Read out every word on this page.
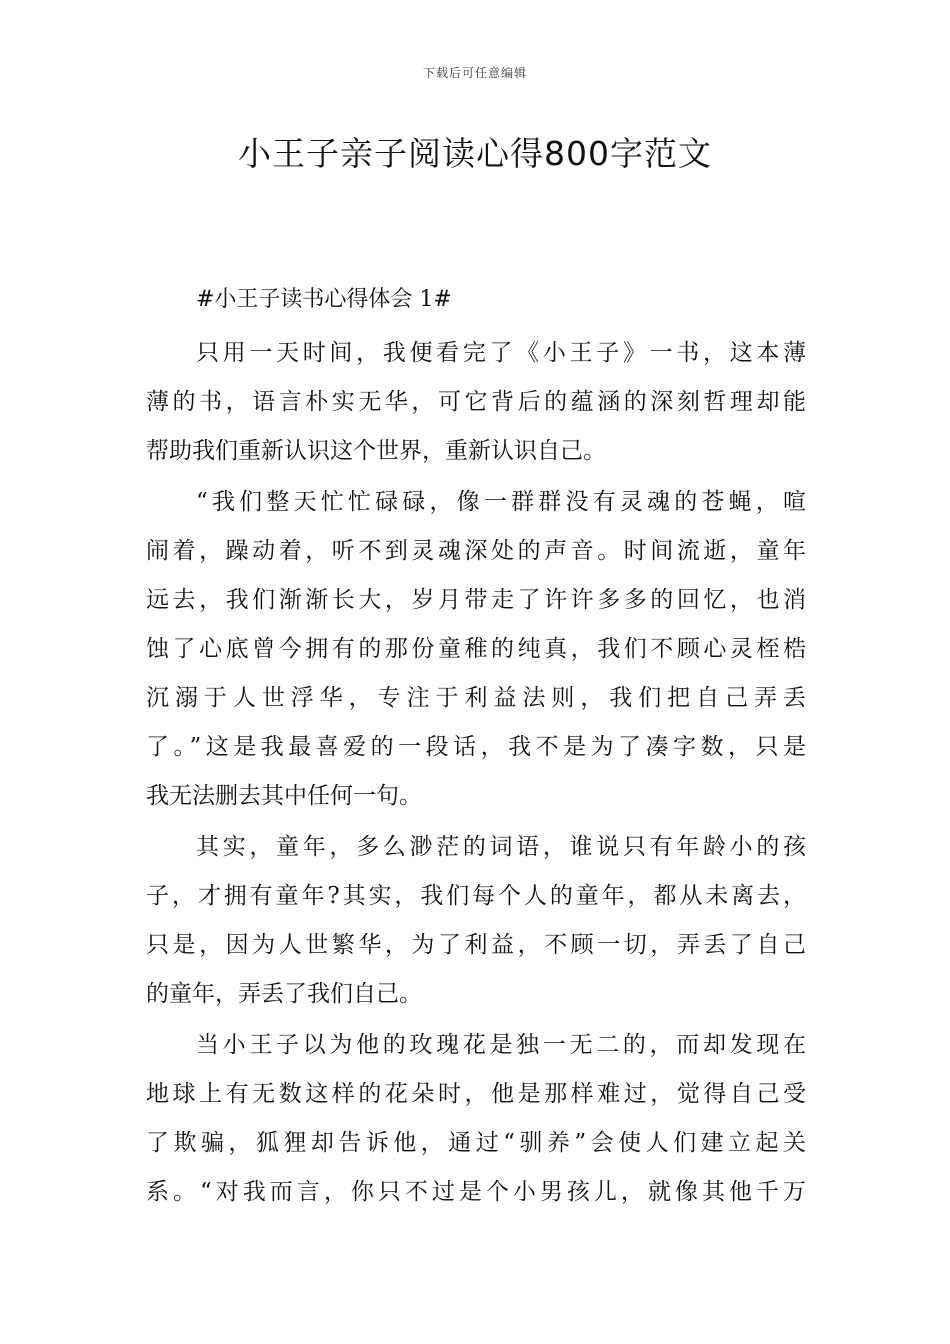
下载后可任意编辑
小王子亲子阅读心得800字范文
#小王子读书心得体会 1#
只用一天时间，我便看完了《小王子》一书，这本薄
薄的书，语言朴实无华，可它背后的蕴涵的深刻哲理却能
帮助我们重新认识这个世界，重新认识自己。
“我们整天忙忙碌碌，像一群群没有灵魂的苍蝇，喧
闹着，躁动着，听不到灵魂深处的声音。时间流逝，童年
远去，我们渐渐长大，岁月带走了许许多多的回忆，也消
蚀了心底曾今拥有的那份童稚的纯真，我们不顾心灵桎梏
沉溺于人世浮华，专注于利益法则，我们把自己弄丢
了。”这是我最喜爱的一段话，我不是为了凑字数，只是
我无法删去其中任何一句。
其实，童年，多么渺茫的词语，谁说只有年龄小的孩
子，才拥有童年?其实，我们每个人的童年，都从未离去，
只是，因为人世繁华，为了利益，不顾一切，弄丢了自己
的童年，弄丢了我们自己。
当小王子以为他的玫瑰花是独一无二的，而却发现在
地球上有无数这样的花朵时，他是那样难过，觉得自己受
了欺骗，狐狸却告诉他，通过“驯养”会使人们建立起关
系。“对我而言，你只不过是个小男孩儿，就像其他千万
